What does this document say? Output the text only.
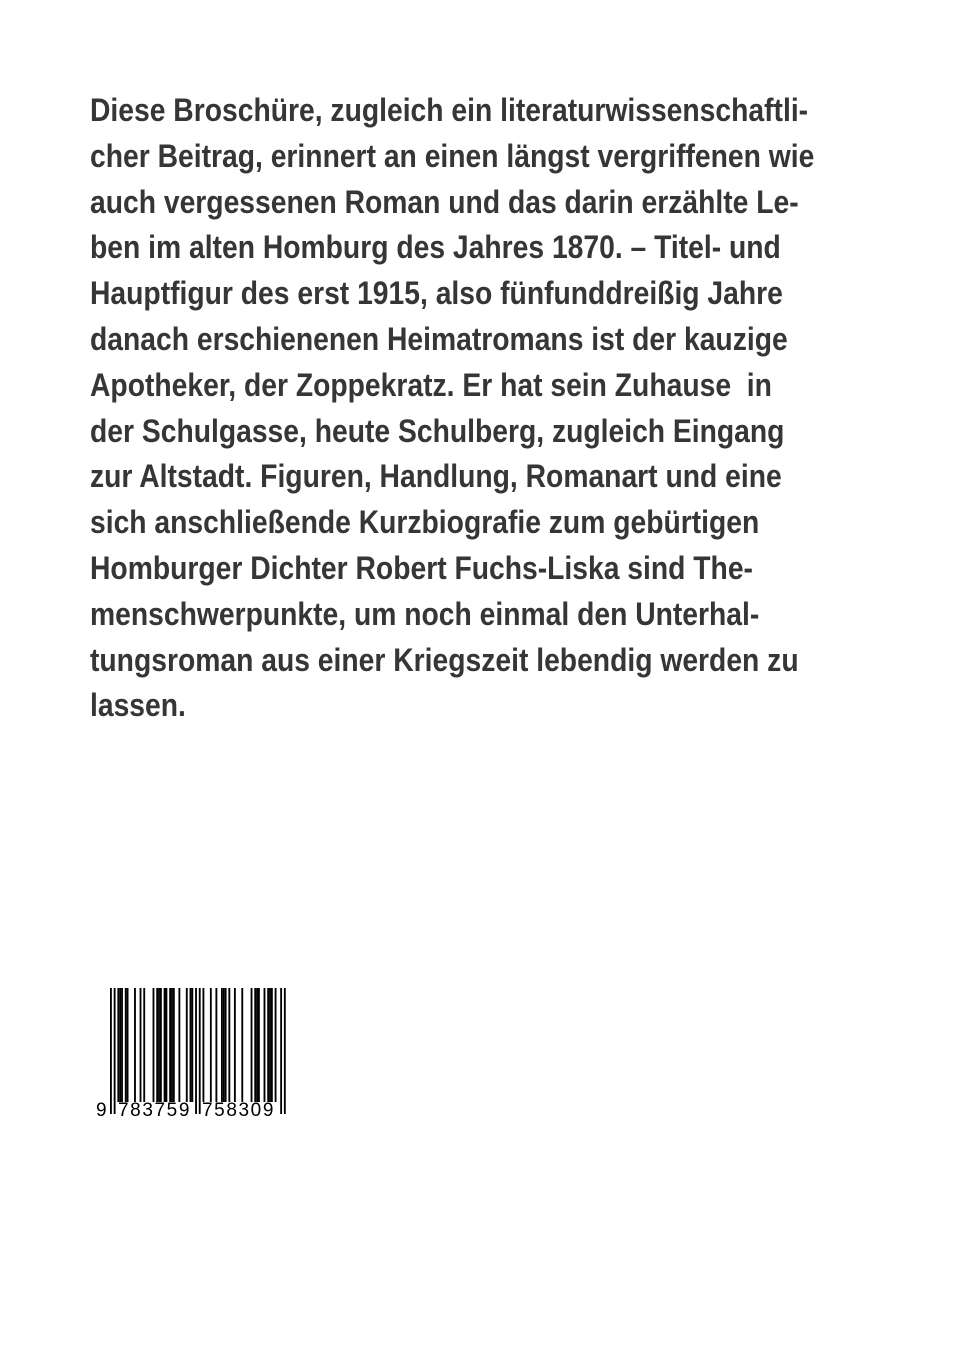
Diese Broschüre, zugleich ein literaturwissenschaftli-
cher Beitrag, erinnert an einen längst vergriffenen wie
auch vergessenen Roman und das darin erzählte Le-
ben im alten Homburg des Jahres 1870. – Titel- und
Hauptfigur des erst 1915, also fünfunddreißig Jahre
danach erschienenen Heimatromans ist der kauzige
Apotheker, der Zoppekratz. Er hat sein Zuhause  in
der Schulgasse, heute Schulberg, zugleich Eingang
zur Altstadt. Figuren, Handlung, Romanart und eine
sich anschließende Kurzbiografie zum gebürtigen
Homburger Dichter Robert Fuchs-Liska sind The-
menschwerpunkte, um noch einmal den Unterhal-
tungsroman aus einer Kriegszeit lebendig werden zu
lassen.

9 783759 758309
